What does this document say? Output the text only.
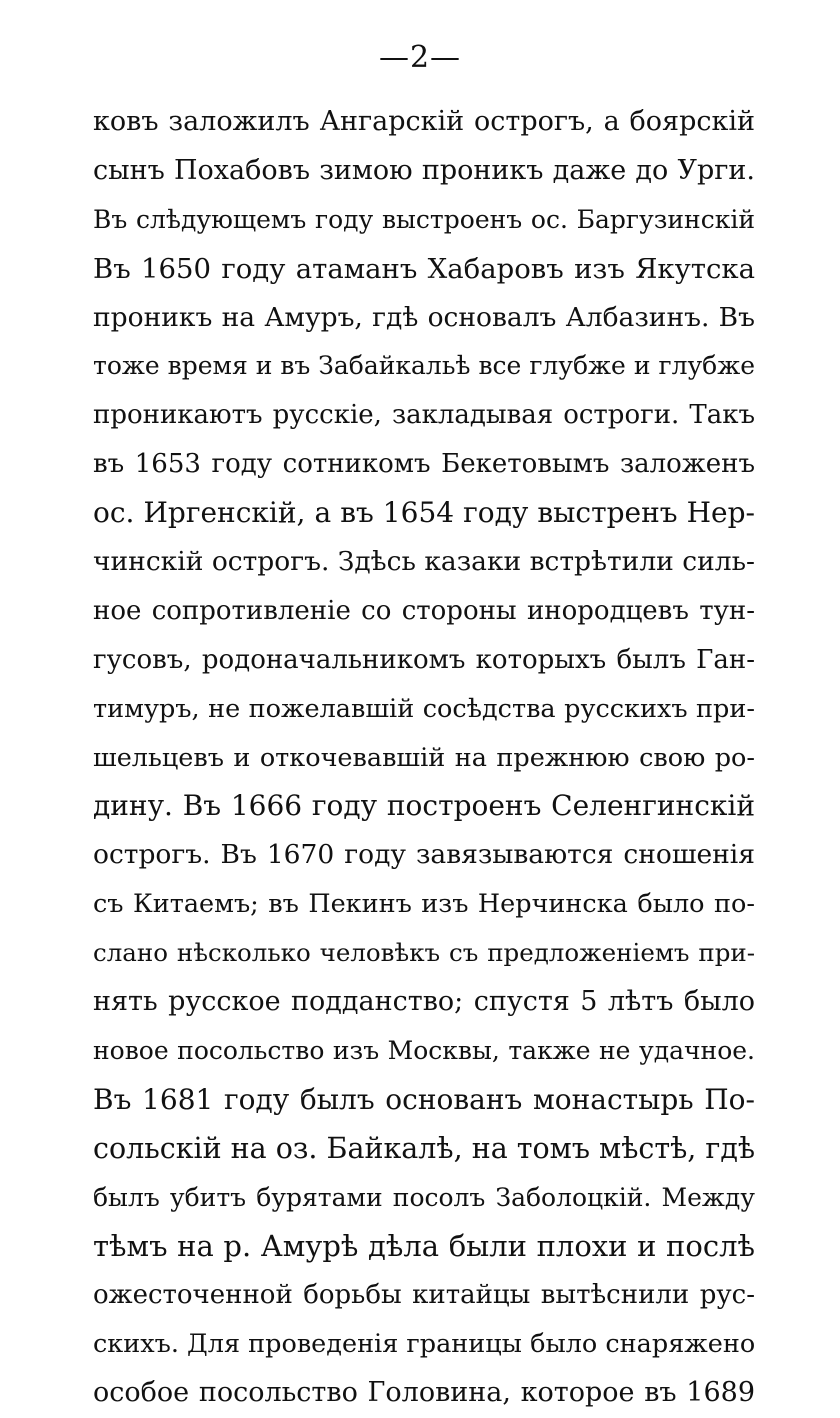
—2—
ковъ заложилъ Ангарскій острогъ, а боярскій
сынъ Похабовъ зимою проникъ даже до Урги.
Въ слѣдующемъ году выстроенъ ос. Баргузинскій
Въ 1650 году атаманъ Хабаровъ изъ Якутска
проникъ на Амуръ, гдѣ основалъ Албазинъ. Въ
тоже время и въ Забайкальѣ все глубже и глубже
проникаютъ русскіе, закладывая остроги. Такъ
въ 1653 году сотникомъ Бекетовымъ заложенъ
ос. Иргенскій, а въ 1654 году выстренъ Нер-
чинскій острогъ. Здѣсь казаки встрѣтили силь-
ное сопротивленіе со стороны инородцевъ тун-
гусовъ, родоначальникомъ которыхъ былъ Ган-
тимуръ, не пожелавшій сосѣдства русскихъ при-
шельцевъ и откочевавшій на прежнюю свою ро-
дину. Въ 1666 году построенъ Селенгинскій
острогъ. Въ 1670 году завязываются сношенія
съ Китаемъ; въ Пекинъ изъ Нерчинска было по-
слано нѣсколько человѣкъ съ предложеніемъ при-
нять русское подданство; спустя 5 лѣтъ было
новое посольство изъ Москвы, также не удачное.
Въ 1681 году былъ основанъ монастырь По-
сольскій на оз. Байкалѣ, на томъ мѣстѣ, гдѣ
былъ убитъ бурятами посолъ Заболоцкій. Между
тѣмъ на р. Амурѣ дѣла были плохи и послѣ
ожесточенной борьбы китайцы вытѣснили рус-
скихъ. Для проведенія границы было снаряжено
особое посольство Головина, которое въ 1689
